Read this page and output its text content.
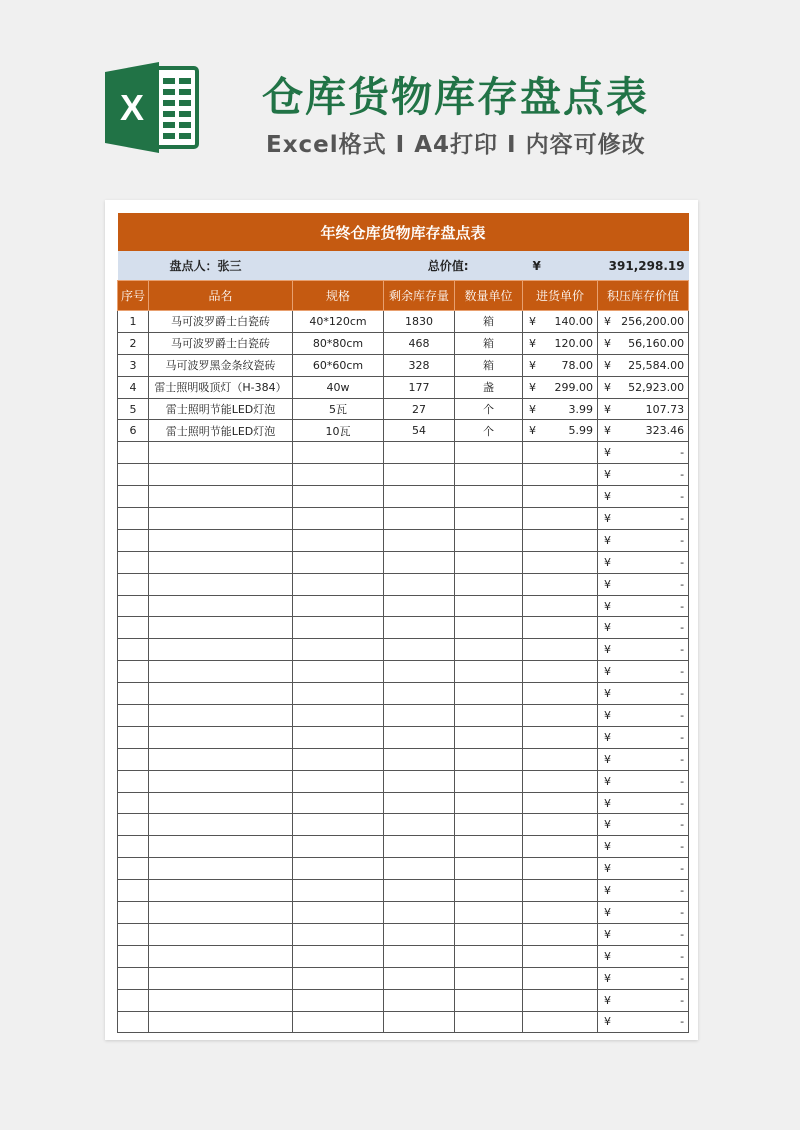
X	仓库货物库存盘点表
Excel格式 I A4打印 I 内容可修改
年终仓库货物库存盘点表						
盘点人：张三			总价值:		¥ 391,298.19	

序号	品名	规格	剩余库存量	数量单位	进货单价	积压库存价值
1	马可波罗爵士白瓷砖	40*120cm	1830	箱	¥ 140.00	¥ 256,200.00

2	马可波罗爵士白瓷砖	80*80cm	468	箱	¥ 120.00	¥ 56,160.00

3	马可波罗黑金条纹瓷砖	60*60cm	328	箱	¥ 78.00	¥ 25,584.00

4	雷士照明吸顶灯（H-384）	40w	177	盏	¥ 299.00	¥ 52,923.00

5	雷士照明节能LED灯泡	5瓦	27	个	¥ 3.99	¥ 107.73

6	雷士照明节能LED灯泡	10瓦	54	个	¥ 5.99	¥ 323.46

						¥ -

						¥ -

						¥ -

						¥ -

						¥ -

						¥ -

						¥ -

						¥ -

						¥ -

						¥ -

						¥ -

						¥ -

						¥ -

						¥ -

						¥ -

						¥ -

						¥ -

						¥ -

						¥ -

						¥ -

						¥ -

						¥ -

						¥ -

						¥ -

						¥ -

						¥ -

						¥ -
